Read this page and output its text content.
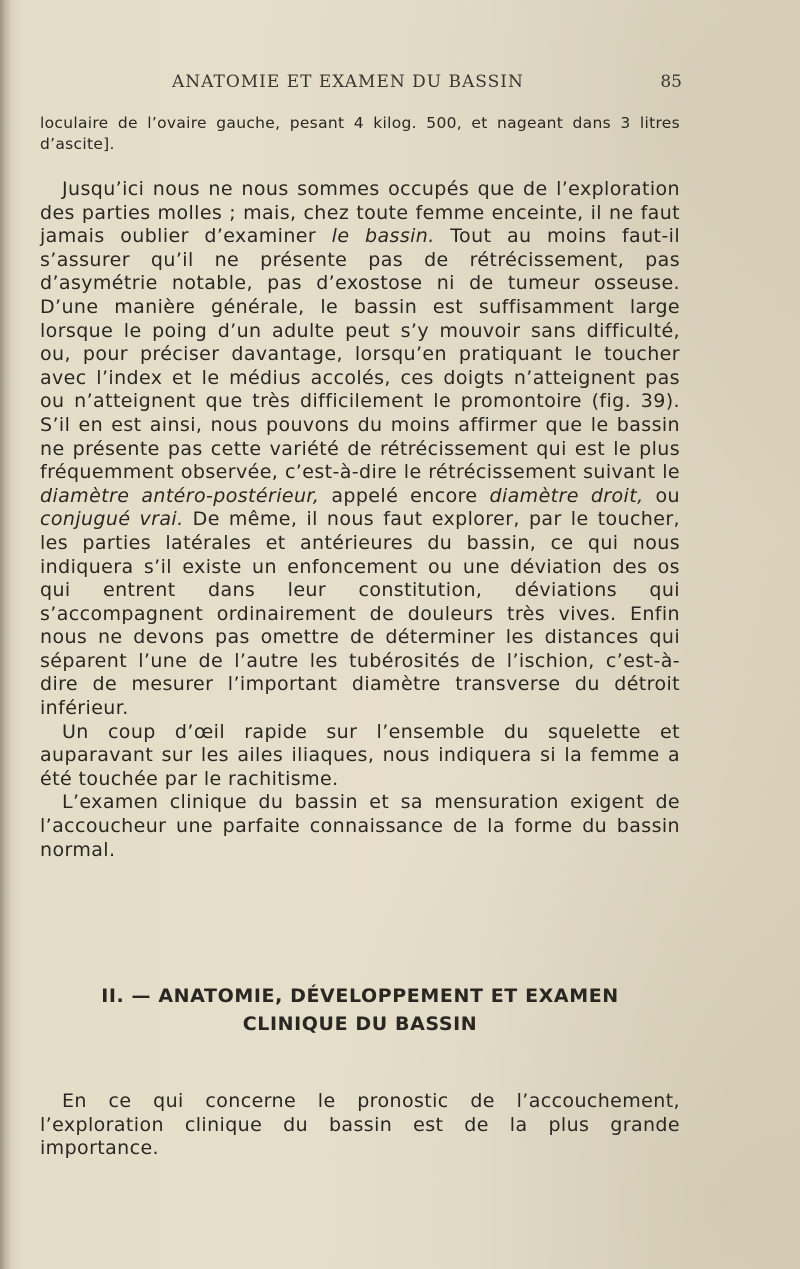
ANATOMIE ET EXAMEN DU BASSIN	85
loculaire de l’ovaire gauche, pesant 4 kilog. 500, et nageant dans 3 litres d’ascite].

Jusqu’ici nous ne nous sommes occupés que de l’exploration des parties molles ; mais, chez toute femme enceinte, il ne faut jamais oublier d’examiner le bassin. Tout au moins faut-il s’assurer qu’il ne présente pas de rétrécissement, pas d’asymétrie notable, pas d’exostose ni de tumeur osseuse. D’une manière générale, le bassin est suffisamment large lorsque le poing d’un adulte peut s’y mouvoir sans difficulté, ou, pour préciser davantage, lorsqu’en pratiquant le toucher avec l’index et le médius accolés, ces doigts n’atteignent pas ou n’atteignent que très difficilement le promontoire (fig. 39). S’il en est ainsi, nous pouvons du moins affirmer que le bassin ne présente pas cette variété de rétrécissement qui est le plus fréquemment observée, c’est-à-dire le rétrécissement suivant le diamètre antéro-postérieur, appelé encore diamètre droit, ou conjugué vrai. De même, il nous faut explorer, par le toucher, les parties latérales et antérieures du bassin, ce qui nous indiquera s’il existe un enfoncement ou une déviation des os qui entrent dans leur constitution, déviations qui s’accompagnent ordinairement de douleurs très vives. Enfin nous ne devons pas omettre de déterminer les distances qui séparent l’une de l’autre les tubérosités de l’ischion, c’est-à-dire de mesurer l’important diamètre transverse du détroit inférieur.

Un coup d’œil rapide sur l’ensemble du squelette et auparavant sur les ailes iliaques, nous indiquera si la femme a été touchée par le rachitisme.

L’examen clinique du bassin et sa mensuration exigent de l’accoucheur une parfaite connaissance de la forme du bassin normal.

II. — ANATOMIE, DÉVELOPPEMENT ET EXAMEN
CLINIQUE DU BASSIN

En ce qui concerne le pronostic de l’accouchement, l’exploration clinique du bassin est de la plus grande importance.
